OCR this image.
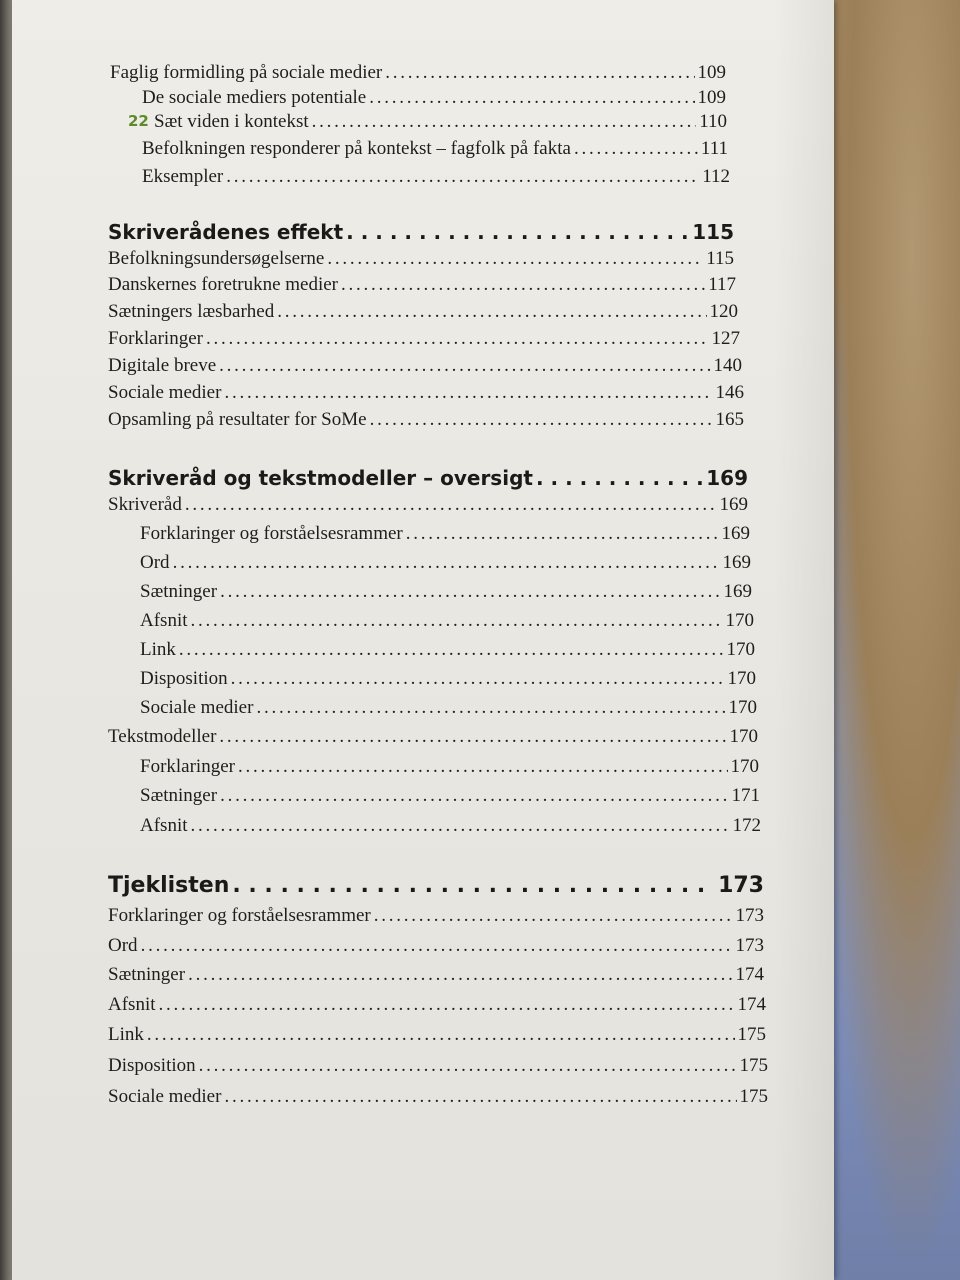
Faglig formidling på sociale medier . . .	109
De sociale mediers potentiale . . .	109
22 Sæt viden i kontekst . . .	110
Befolkningen responderer på kontekst – fagfolk på fakta . . .	111
Eksempler . . .	112
Skriverådenes effekt . . .	115
Befolkningsundersøgelserne . . .	115
Danskernes foretrukne medier . . .	117
Sætningers læsbarhed . . .	120
Forklaringer . . .	127
Digitale breve . . .	140
Sociale medier . . .	146
Opsamling på resultater for SoMe . . .	165
Skriveråd og tekstmodeller – oversigt . . .	169
Skriveråd . . .	169
Forklaringer og forståelsesrammer . . .	169
Ord . . .	169
Sætninger . . .	169
Afsnit . . .	170
Link . . .	170
Disposition . . .	170
Sociale medier . . .	170
Tekstmodeller . . .	170
Forklaringer . . .	170
Sætninger . . .	171
Afsnit . . .	172
Tjeklisten . . .	173
Forklaringer og forståelsesrammer . . .	173
Ord . . .	173
Sætninger . . .	174
Afsnit . . .	174
Link . . .	175
Disposition . . .	175
Sociale medier . . .	175
